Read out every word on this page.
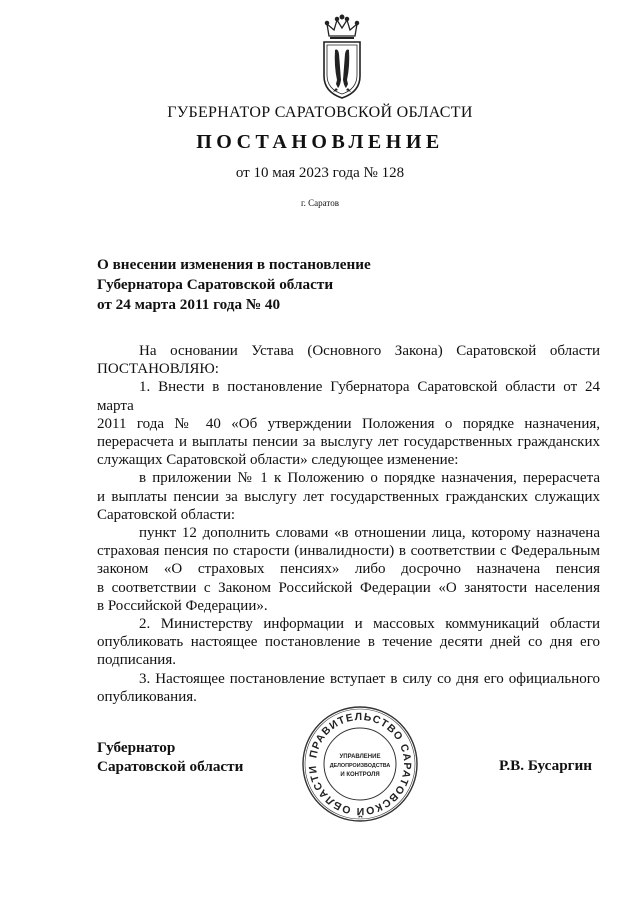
ГУБЕРНАТОР САРАТОВСКОЙ ОБЛАСТИ
ПОСТАНОВЛЕНИЕ
от 10 мая 2023 года № 128
г. Саратов
О внесении изменения в постановление
Губернатора Саратовской области
от 24 марта 2011 года № 40

На основании Устава (Основного Закона) Саратовской области

ПОСТАНОВЛЯЮ:

1. Внести в постановление Губернатора Саратовской области от 24 марта

2011 года № 40 «Об утверждении Положения о порядке назначения,

перерасчета и выплаты пенсии за выслугу лет государственных гражданских

служащих Саратовской области» следующее изменение:

в приложении № 1 к Положению о порядке назначения, перерасчета

и выплаты пенсии за выслугу лет государственных гражданских служащих

Саратовской области:

пункт 12 дополнить словами «в отношении лица, которому назначена

страховая пенсия по старости (инвалидности) в соответствии с Федеральным

законом «О страховых пенсиях» либо досрочно назначена пенсия

в соответствии с Законом Российской Федерации «О занятости населения

в Российской Федерации».

2. Министерству информации и массовых коммуникаций области

опубликовать настоящее постановление в течение десяти дней со дня его

подписания.

3. Настоящее постановление вступает в силу со дня его официального

опубликования.

Губернатор
Саратовской области	Р.В. Бусаргин
ПРАВИТЕЛЬСТВО САРАТОВСКОЙ ОБЛАСТИ
УПРАВЛЕНИЕ
ДЕЛОПРОИЗВОДСТВА
И КОНТРОЛЯ
